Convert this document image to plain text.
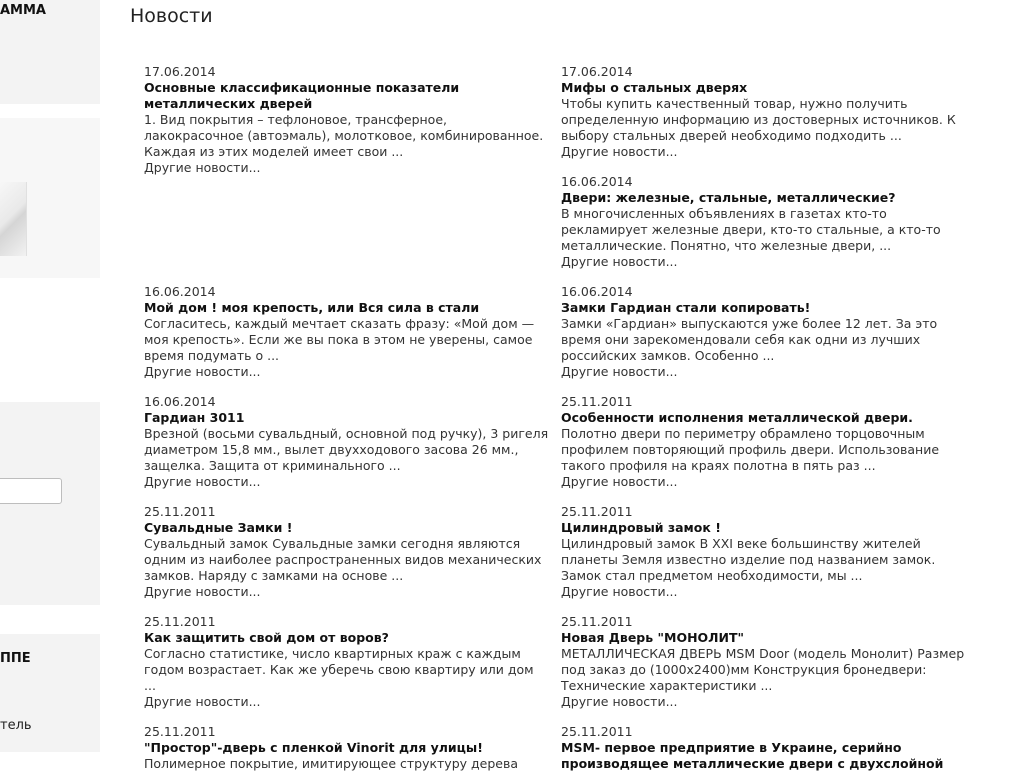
АММА
ППЕ
тель
Новости
17.06.2014
Основные классификационные показатели металлических дверей
1. Вид покрытия – тефлоновое, трансферное, лакокрасочное (автоэмаль), молотковое, комбинированное. Каждая из этих моделей имеет свои ...
Другие новости...
16.06.2014
Мой дом ! моя крепость, или Вся сила в стали
Согласитесь, каждый мечтает сказать фразу: «Мой дом — моя крепость». Если же вы пока в этом не уверены, самое время подумать о ...
Другие новости...
16.06.2014
Гардиан 3011
Врезной (восьми сувальдный, основной под ручку), 3 ригеля диаметром 15,8 мм., вылет двухходового засова 26 мм., защелка. Защита от криминального ...
Другие новости...
25.11.2011
Сувальдные Замки !
Сувальдный замок Сувальдные замки сегодня являются одним из наиболее распространенных видов механических замков. Наряду с замками на основе ...
Другие новости...
25.11.2011
Как защитить свой дом от воров?
Согласно статистике, число квартирных краж с каждым годом возрастает. Как же уберечь свою квартиру или дом ...
Другие новости...
25.11.2011
"Простор"-дверь с пленкой Vinorit для улицы!
Полимерное покрытие, имитирующее структуру дерева
17.06.2014
Мифы о стальных дверях
Чтобы купить качественный товар, нужно получить определенную информацию из достоверных источников. К выбору стальных дверей необходимо подходить ...
Другие новости...
16.06.2014
Двери: железные, стальные, металлические?
В многочисленных объявлениях в газетах кто-то рекламирует железные двери, кто-то стальные, а кто-то металлические. Понятно, что железные двери, ...
Другие новости...
16.06.2014
Замки Гардиан стали копировать!
Замки «Гардиан» выпускаются уже более 12 лет. За это время они зарекомендовали себя как одни из лучших российских замков. Особенно ...
Другие новости...
25.11.2011
Особенности исполнения металлической двери.
Полотно двери по периметру обрамлено торцовочным профилем повторяющий профиль двери. Использование такого профиля на краях полотна в пять раз ...
Другие новости...
25.11.2011
Цилиндровый замок !
Цилиндровый замок В XXI веке большинству жителей планеты Земля известно изделие под названием замок. Замок стал предметом необходимости, мы ...
Другие новости...
25.11.2011
Новая Дверь "МОНОЛИТ"
МЕТАЛЛИЧЕСКАЯ ДВЕРЬ MSM Door (модель Монолит) Размер под заказ до (1000х2400)мм Конструкция бронедвери: Технические характеристики ...
Другие новости...
25.11.2011
MSM- первое предприятие в Украине, серийно производящее металлические двери с двухслойной
